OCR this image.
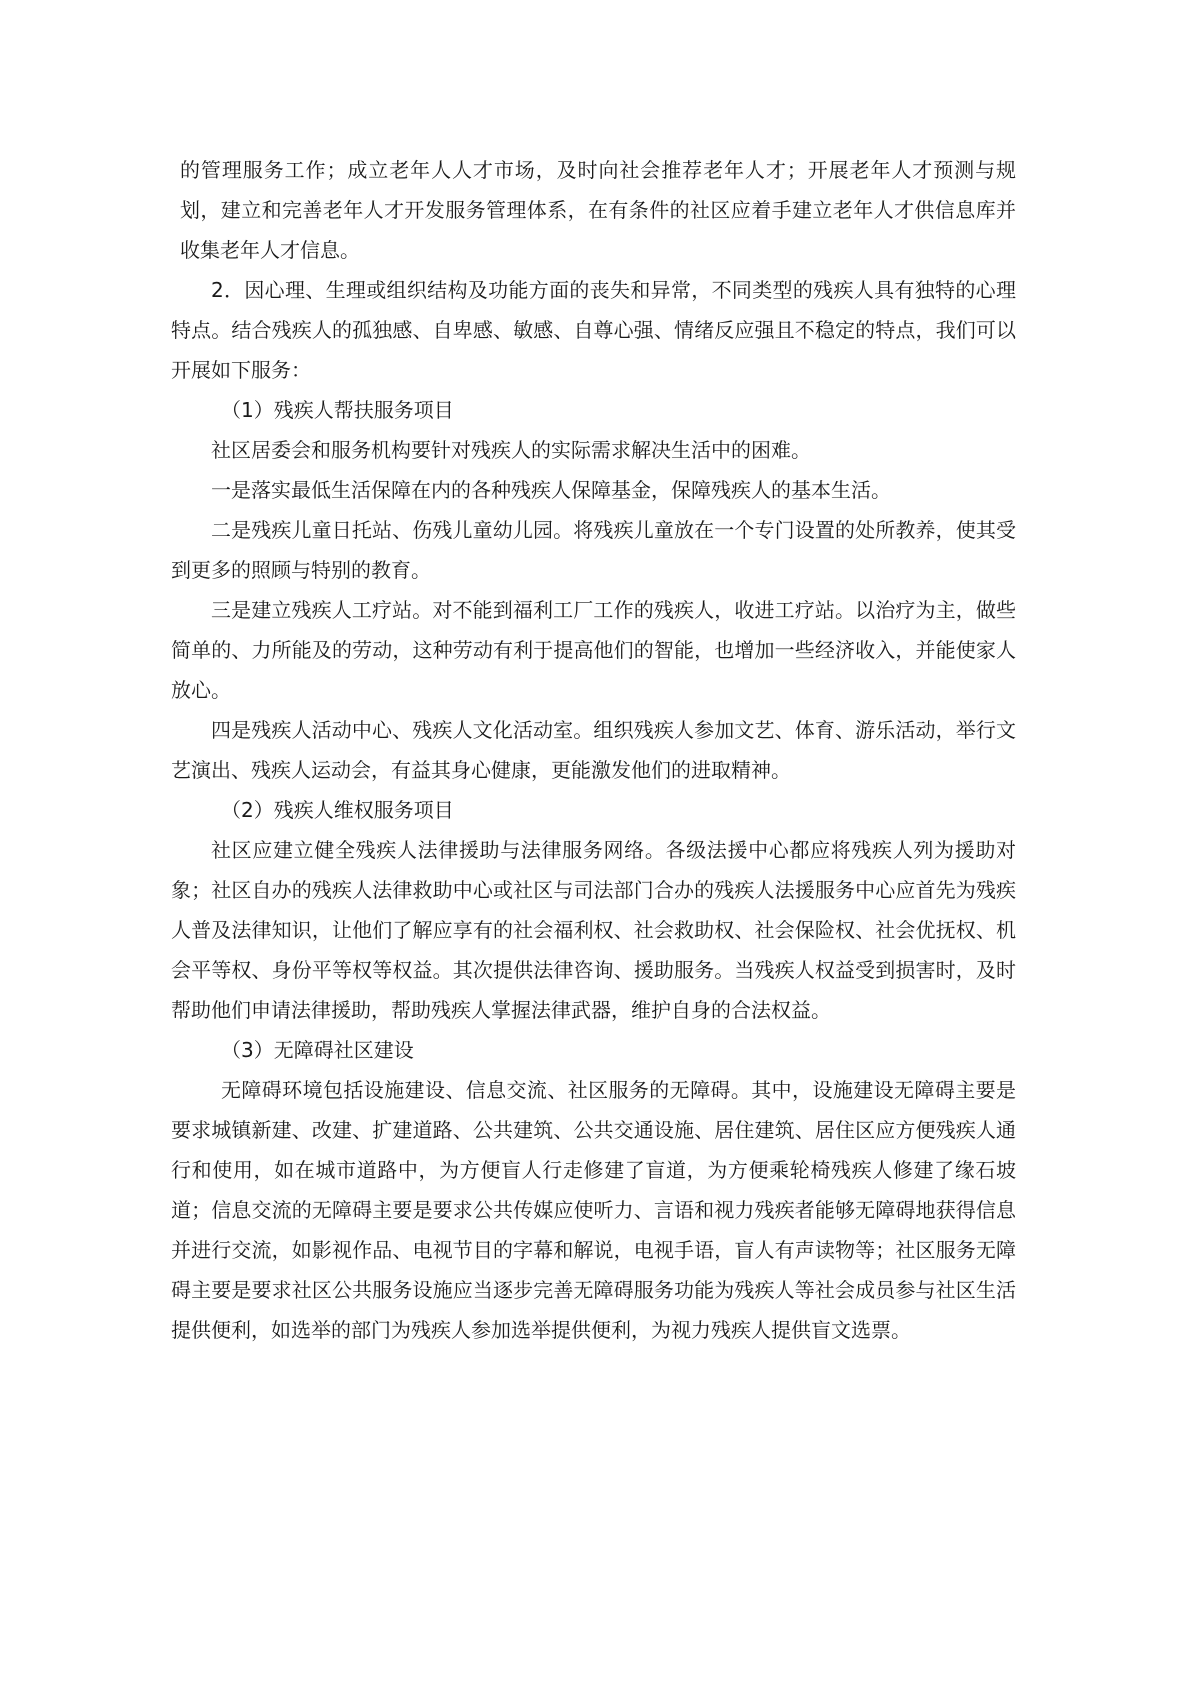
的管理服务工作；成立老年人人才市场，及时向社会推荐老年人才；开展老年人才预测与规划，建立和完善老年人才开发服务管理体系，在有条件的社区应着手建立老年人才供信息库并收集老年人才信息。

2．因心理、生理或组织结构及功能方面的丧失和异常，不同类型的残疾人具有独特的心理特点。结合残疾人的孤独感、自卑感、敏感、自尊心强、情绪反应强且不稳定的特点，我们可以开展如下服务：

（1）残疾人帮扶服务项目

社区居委会和服务机构要针对残疾人的实际需求解决生活中的困难。

一是落实最低生活保障在内的各种残疾人保障基金，保障残疾人的基本生活。

二是残疾儿童日托站、伤残儿童幼儿园。将残疾儿童放在一个专门设置的处所教养，使其受到更多的照顾与特别的教育。

三是建立残疾人工疗站。对不能到福利工厂工作的残疾人，收进工疗站。以治疗为主，做些简单的、力所能及的劳动，这种劳动有利于提高他们的智能，也增加一些经济收入，并能使家人放心。

四是残疾人活动中心、残疾人文化活动室。组织残疾人参加文艺、体育、游乐活动，举行文艺演出、残疾人运动会，有益其身心健康，更能激发他们的进取精神。

（2）残疾人维权服务项目

社区应建立健全残疾人法律援助与法律服务网络。各级法援中心都应将残疾人列为援助对象；社区自办的残疾人法律救助中心或社区与司法部门合办的残疾人法援服务中心应首先为残疾人普及法律知识，让他们了解应享有的社会福利权、社会救助权、社会保险权、社会优抚权、机会平等权、身份平等权等权益。其次提供法律咨询、援助服务。当残疾人权益受到损害时，及时帮助他们申请法律援助，帮助残疾人掌握法律武器，维护自身的合法权益。

（3）无障碍社区建设

无障碍环境包括设施建设、信息交流、社区服务的无障碍。其中，设施建设无障碍主要是要求城镇新建、改建、扩建道路、公共建筑、公共交通设施、居住建筑、居住区应方便残疾人通行和使用，如在城市道路中，为方便盲人行走修建了盲道，为方便乘轮椅残疾人修建了缘石坡道；信息交流的无障碍主要是要求公共传媒应使听力、言语和视力残疾者能够无障碍地获得信息并进行交流，如影视作品、电视节目的字幕和解说，电视手语，盲人有声读物等；社区服务无障碍主要是要求社区公共服务设施应当逐步完善无障碍服务功能为残疾人等社会成员参与社区生活提供便利，如选举的部门为残疾人参加选举提供便利，为视力残疾人提供盲文选票。
